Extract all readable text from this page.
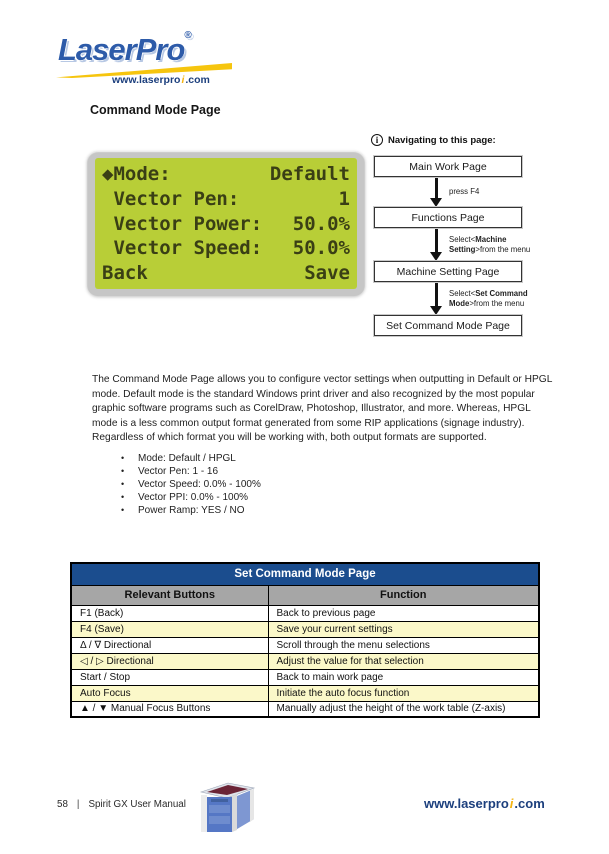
LaserPro®
www.laserproi.com
Command Mode Page
◆Mode:	Default
Vector Pen:	1
Vector Power: 50.0%
Vector Speed: 50.0%
Back	Save
i	Navigating to this page:
Main Work Page
press F4
Functions Page
Select<Machine Setting>from the menu
Machine Setting Page
Select<Set Command Mode>from the menu
Set Command Mode Page
The Command Mode Page allows you to configure vector settings when outputting in Default or HPGL mode. Default mode is the standard Windows print driver and also recognized by the most popular graphic software programs such as CorelDraw, Photoshop, Illustrator, and more. Whereas, HPGL mode is a less common output format generated from some RIP applications (signage industry). Regardless of which format you will be working with, both output formats are supported.
•	Mode: Default / HPGL
•	Vector Pen: 1 - 16
•	Vector Speed: 0.0% - 100%
•	Vector PPI: 0.0% - 100%
•	Power Ramp: YES / NO
Set Command Mode Page	
Relevant Buttons	Function
F1 (Back)	Back to previous page
F4 (Save)	Save your current settings
Δ / ∇ Directional	Scroll through the menu selections
◁ / ▷ Directional	Adjust the value for that selection
Start / Stop	Back to main work page
Auto Focus	Initiate the auto focus function
▲ / ▼ Manual Focus Buttons	Manually adjust the height of the work table (Z-axis)
58 | Spirit GX User Manual	www.laserproi.com
